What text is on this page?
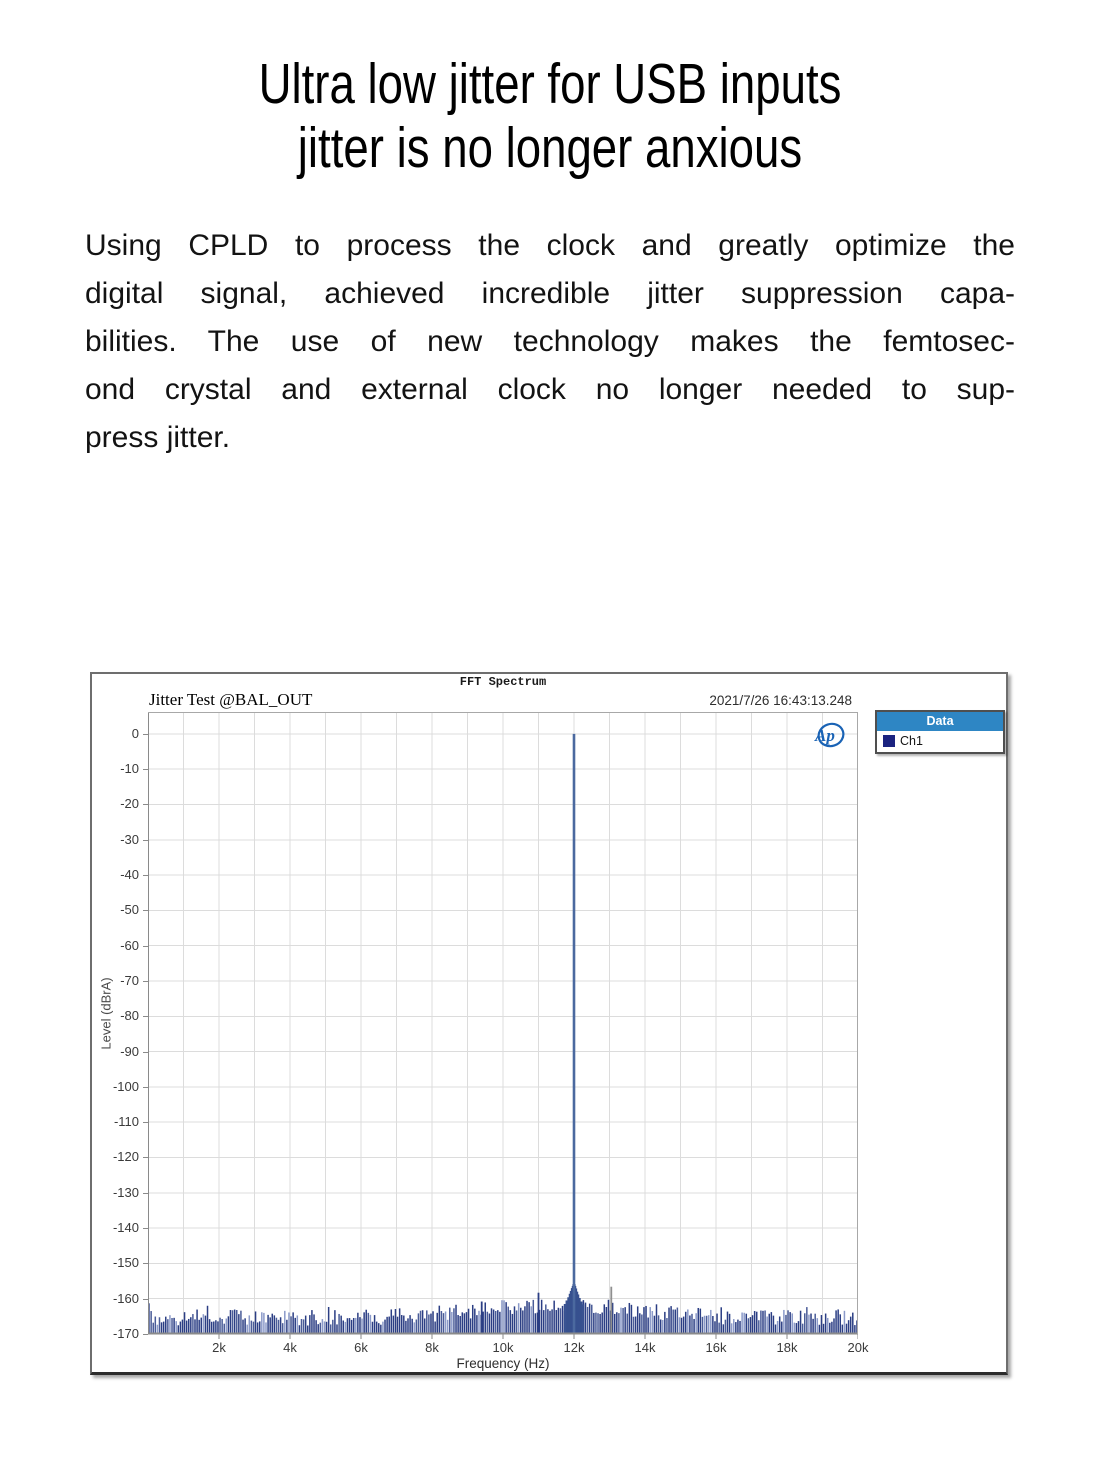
Ultra low jitter for USB inputs
jitter is no longer anxious
Using CPLD to process the clock and greatly optimize the
digital signal, achieved incredible jitter suppression capa-
bilities. The use of new technology makes the femtosec-
ond crystal and external clock no longer needed to sup-
press jitter.
FFT Spectrum
Jitter Test @BAL_OUT	2021/7/26 16:43:13.248
0
-10
-20
-30
-40
-50
-60
-70
-80
-90
-100
-110
-120
-130
-140
-150
-160
-170
Level (dBrA)
Ap
2k	4k	6k	8k	10k	12k	14k	16k	18k	20k
Frequency (Hz)
Data
Ch1
